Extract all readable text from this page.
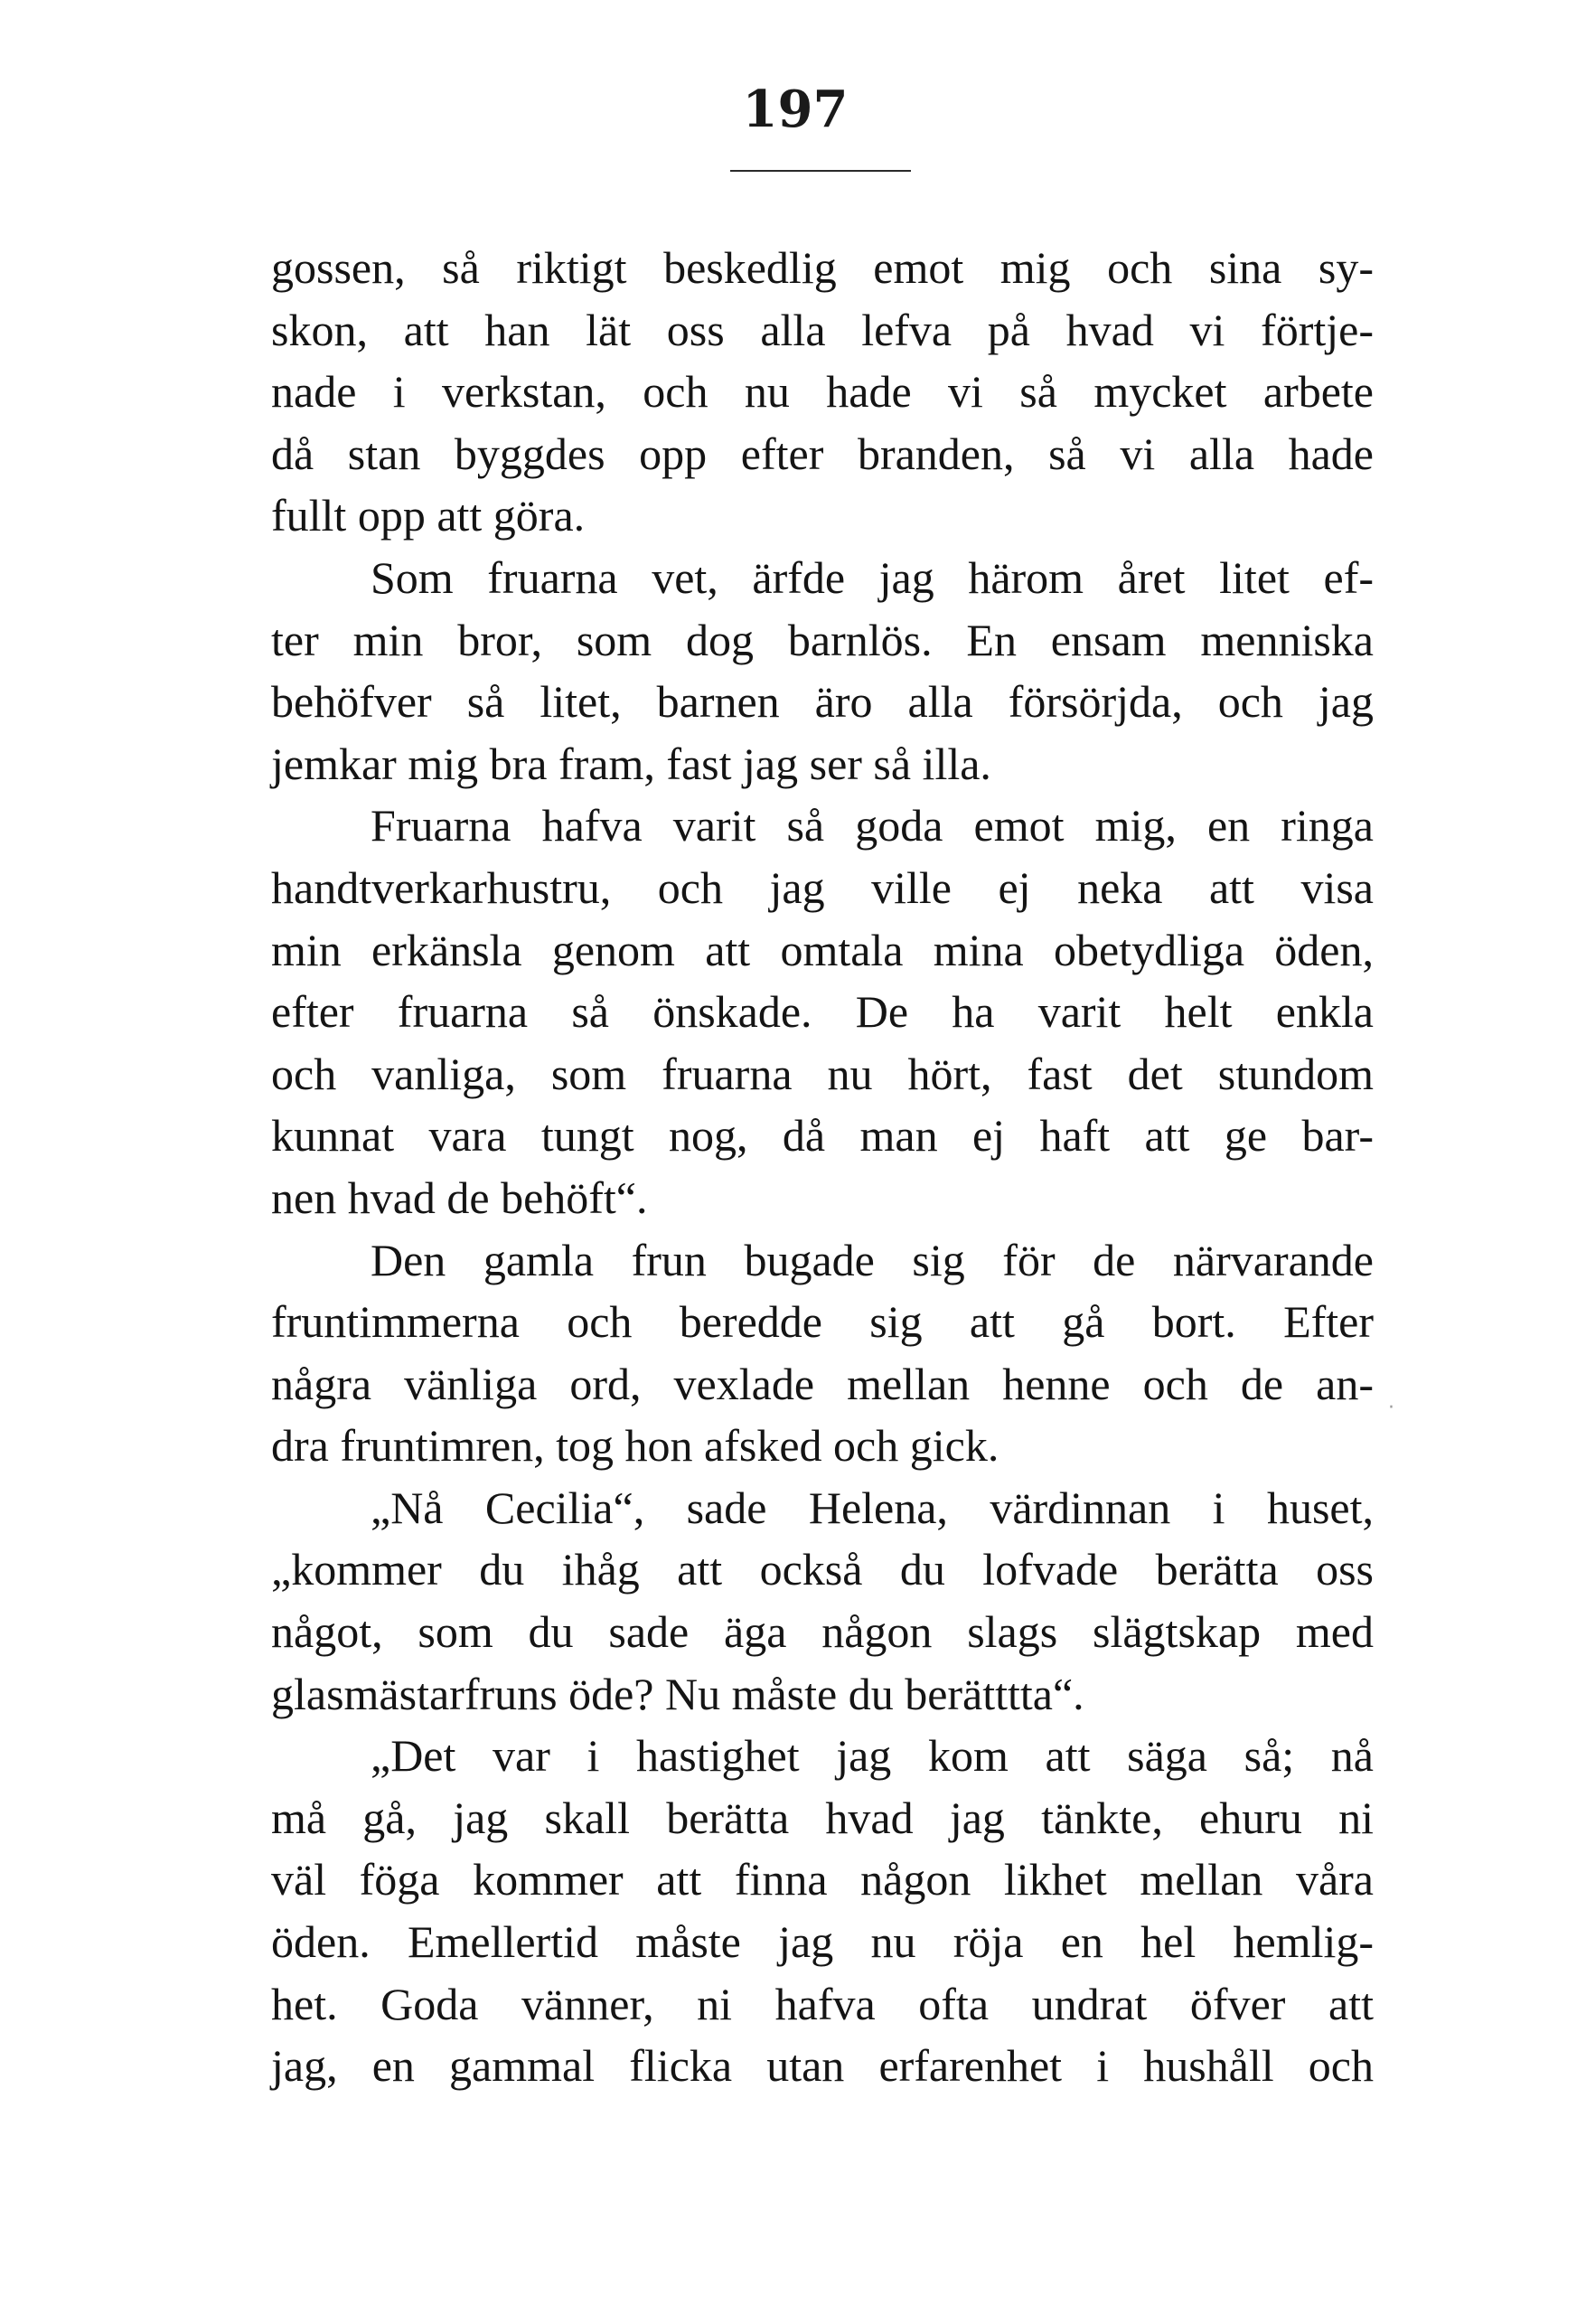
197
gossen, så riktigt beskedlig emot mig och sina sy-
skon, att han lät oss alla lefva på hvad vi förtje-
nade i verkstan, och nu hade vi så mycket arbete
då stan byggdes opp efter branden, så vi alla hade
fullt opp att göra.
Som fruarna vet, ärfde jag härom året litet ef-
ter min bror, som dog barnlös. En ensam menniska
behöfver så litet, barnen äro alla försörjda, och jag
jemkar mig bra fram, fast jag ser så illa.
Fruarna hafva varit så goda emot mig, en ringa
handtverkarhustru, och jag ville ej neka att visa
min erkänsla genom att omtala mina obetydliga öden,
efter fruarna så önskade. De ha varit helt enkla
och vanliga, som fruarna nu hört, fast det stundom
kunnat vara tungt nog, då man ej haft att ge bar-
nen hvad de behöft“.
Den gamla frun bugade sig för de närvarande
fruntimmerna och beredde sig att gå bort. Efter
några vänliga ord, vexlade mellan henne och de an-
dra fruntimren, tog hon afsked och gick.
„Nå Cecilia“, sade Helena, värdinnan i huset,
„kommer du ihåg att också du lofvade berätta oss
något, som du sade äga någon slags slägtskap med
glasmästarfruns öde? Nu måste du berätttta“.
„Det var i hastighet jag kom att säga så; nå
må gå, jag skall berätta hvad jag tänkte, ehuru ni
väl föga kommer att finna någon likhet mellan våra
öden. Emellertid måste jag nu röja en hel hemlig-
het. Goda vänner, ni hafva ofta undrat öfver att
jag, en gammal flicka utan erfarenhet i hushåll och
·
